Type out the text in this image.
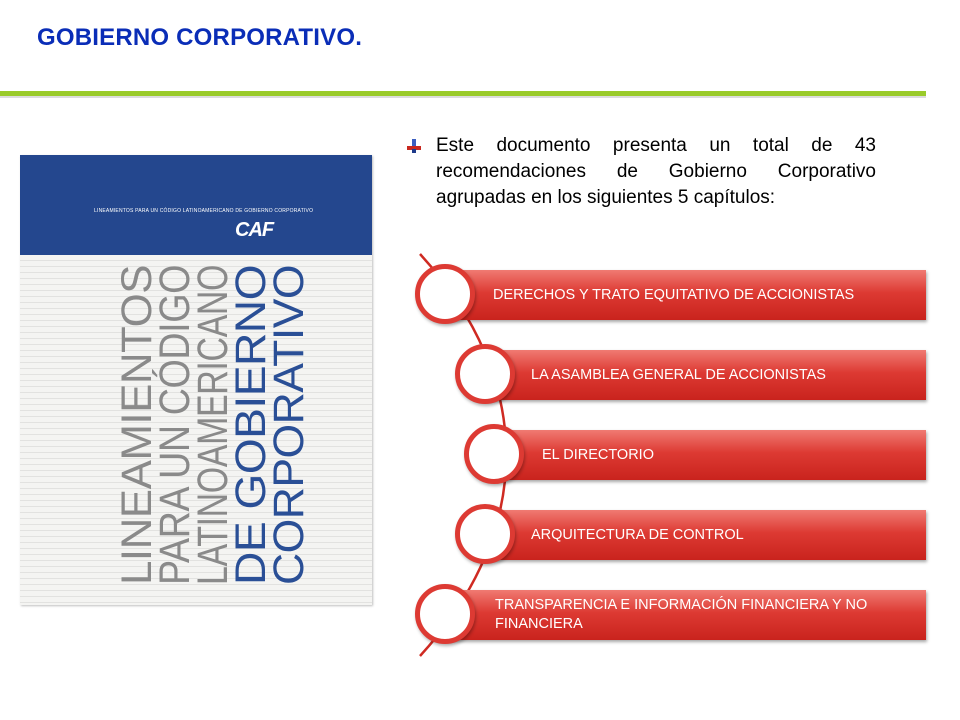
GOBIERNO CORPORATIVO.
LINEAMIENTOS PARA UN CÓDIGO LATINOAMERICANO DE GOBIERNO CORPORATIVO
CAF
LINEAMIENTOS
PARA UN CÓDIGO
LATINOAMERICANO
DE GOBIERNO
CORPORATIVO
Este documento presenta un total de 43 recomendaciones de Gobierno Corporativo agrupadas en los siguientes 5 capítulos:
DERECHOS Y TRATO EQUITATIVO DE ACCIONISTAS
LA ASAMBLEA GENERAL DE ACCIONISTAS
EL DIRECTORIO
ARQUITECTURA DE CONTROL
TRANSPARENCIA E INFORMACIÓN FINANCIERA Y NO FINANCIERA
